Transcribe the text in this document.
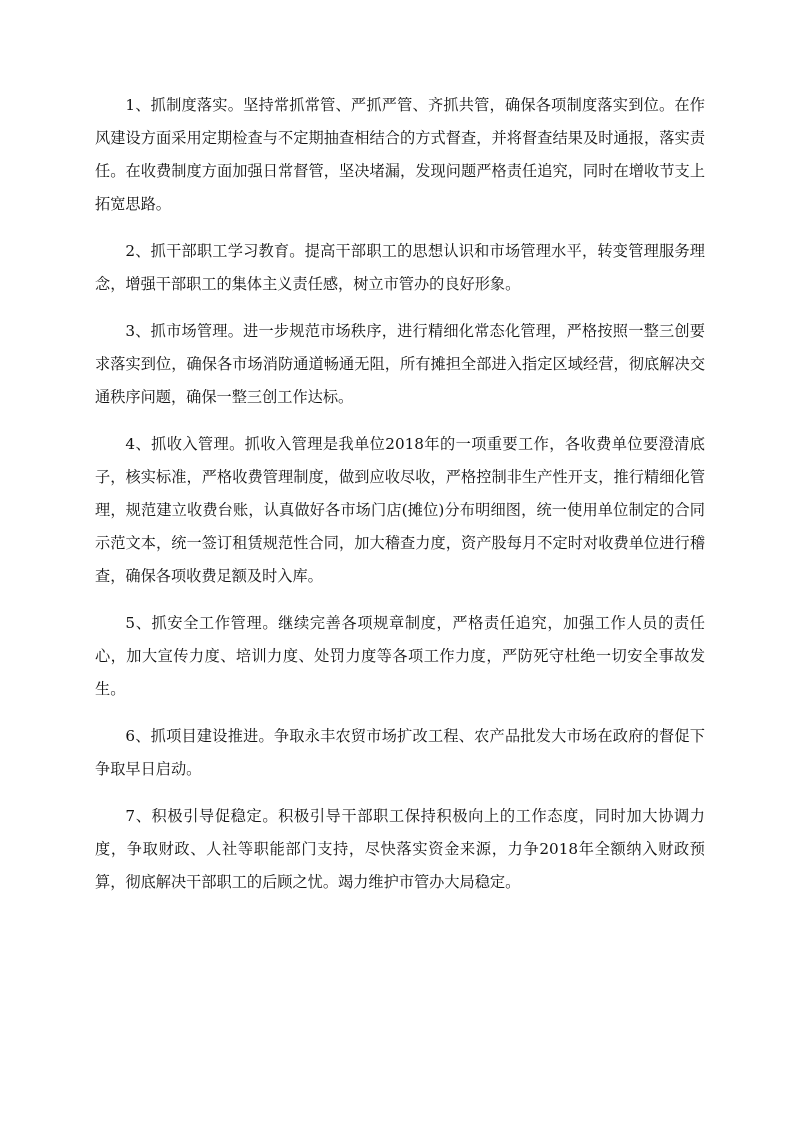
1、抓制度落实。坚持常抓常管、严抓严管、齐抓共管，确保各项制度落实到位。在作风建设方面采用定期检查与不定期抽查相结合的方式督查，并将督查结果及时通报，落实责任。在收费制度方面加强日常督管，坚决堵漏，发现问题严格责任追究，同时在增收节支上拓宽思路。

2、抓干部职工学习教育。提高干部职工的思想认识和市场管理水平，转变管理服务理念，增强干部职工的集体主义责任感，树立市管办的良好形象。

3、抓市场管理。进一步规范市场秩序，进行精细化常态化管理，严格按照一整三创要求落实到位，确保各市场消防通道畅通无阻，所有摊担全部进入指定区域经营，彻底解决交通秩序问题，确保一整三创工作达标。

4、抓收入管理。抓收入管理是我单位2018年的一项重要工作，各收费单位要澄清底子，核实标准，严格收费管理制度，做到应收尽收，严格控制非生产性开支，推行精细化管理，规范建立收费台账，认真做好各市场门店(摊位)分布明细图，统一使用单位制定的合同示范文本，统一签订租赁规范性合同，加大稽查力度，资产股每月不定时对收费单位进行稽查，确保各项收费足额及时入库。

5、抓安全工作管理。继续完善各项规章制度，严格责任追究，加强工作人员的责任心，加大宣传力度、培训力度、处罚力度等各项工作力度，严防死守杜绝一切安全事故发生。

6、抓项目建设推进。争取永丰农贸市场扩改工程、农产品批发大市场在政府的督促下争取早日启动。

7、积极引导促稳定。积极引导干部职工保持积极向上的工作态度，同时加大协调力度，争取财政、人社等职能部门支持，尽快落实资金来源，力争2018年全额纳入财政预算，彻底解决干部职工的后顾之忧。竭力维护市管办大局稳定。
